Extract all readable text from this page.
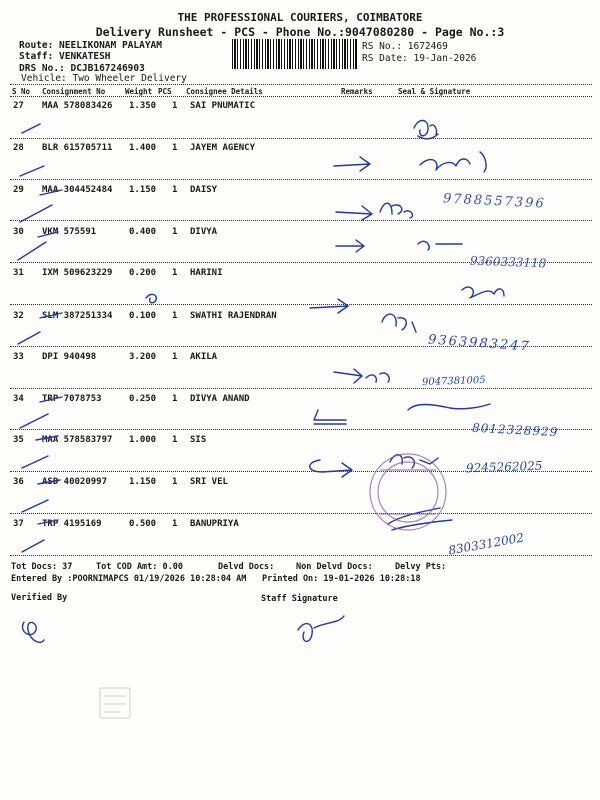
THE PROFESSIONAL COURIERS, COIMBATORE
Delivery Runsheet - PCS - Phone No.:9047080280 - Page No.:3
Route: NEELIKONAM PALAYAM
Staff: VENKATESH
DRS No.: DCJB167246903
Vehicle: Two Wheeler Delivery
RS No.: 1672469
RS Date: 19-Jan-2026
S No Consignment No	Weight PCS Consignee Details	Remarks	Seal & Signature
27 MAA 578083426 1.350 1 SAI PNUMATIC
28 BLR 615705711 1.400 1 JAYEM AGENCY
29 MAA 304452484 1.150 1 DAISY
30 VKM 575591	0.400 1 DIVYA
31 IXM 509623229 0.200 1 HARINI
32 SLM 387251334 0.100 1 SWATHI RAJENDRAN
33 DPI 940498	3.200 1 AKILA
34 TRP 7078753	0.250 1 DIVYA ANAND
35 MAA 578583797 1.000 1 SIS
36 ASD 40020997 1.150 1 SRI VEL
37 TRP 4195169	0.500 1 BANUPRIYA
9788557396
9360333118
9363983247
9047381005
8012328929
9245262025
8303312002
Tot Docs: 37	Tot COD Amt: 0.00	Delvd Docs:	Non Delvd Docs:	Delvy Pts:
Entered By :POORNIMAPCS 01/19/2026 10:28:04 AM Printed On: 19-01-2026 10:28:18
Verified By	Staff Signature
